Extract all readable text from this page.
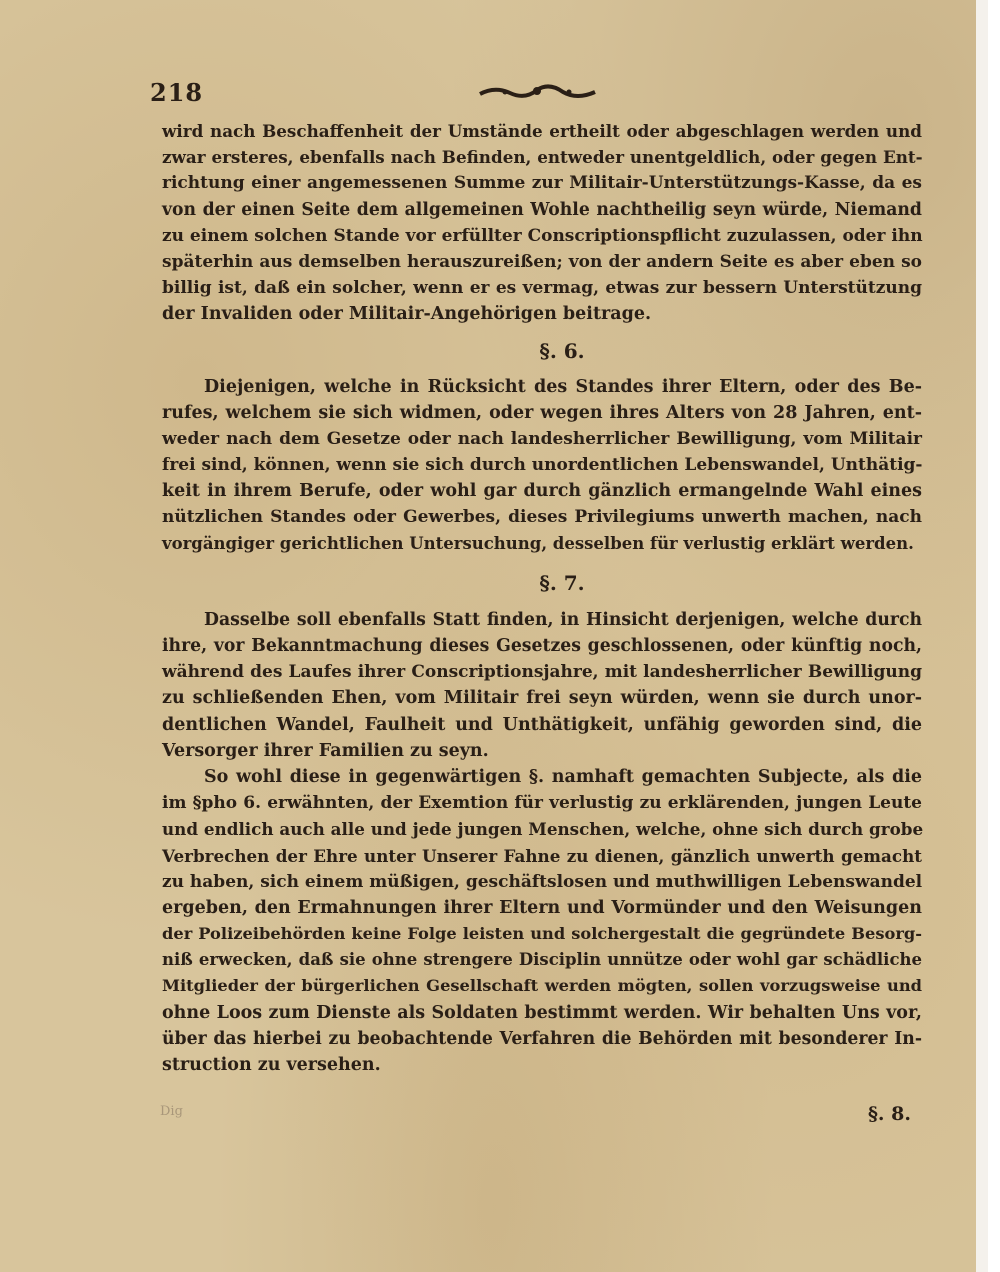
218
wird nach Beschaffenheit der Umstände ertheilt oder abgeschlagen werden und
zwar ersteres, ebenfalls nach Befinden, entweder unentgeldlich, oder gegen Ent-
richtung einer angemessenen Summe zur Militair-Unterstützungs-Kasse, da es
von der einen Seite dem allgemeinen Wohle nachtheilig seyn würde, Niemand
zu einem solchen Stande vor erfüllter Conscriptionspflicht zuzulassen, oder ihn
späterhin aus demselben herauszureißen; von der andern Seite es aber eben so
billig ist, daß ein solcher, wenn er es vermag, etwas zur bessern Unterstützung
der Invaliden oder Militair-Angehörigen beitrage.
§. 6.
Diejenigen, welche in Rücksicht des Standes ihrer Eltern, oder des Be-
rufes, welchem sie sich widmen, oder wegen ihres Alters von 28 Jahren, ent-
weder nach dem Gesetze oder nach landesherrlicher Bewilligung, vom Militair
frei sind, können, wenn sie sich durch unordentlichen Lebenswandel, Unthätig-
keit in ihrem Berufe, oder wohl gar durch gänzlich ermangelnde Wahl eines
nützlichen Standes oder Gewerbes, dieses Privilegiums unwerth machen, nach
vorgängiger gerichtlichen Untersuchung, desselben für verlustig erklärt werden.
§. 7.
Dasselbe soll ebenfalls Statt finden, in Hinsicht derjenigen, welche durch
ihre, vor Bekanntmachung dieses Gesetzes geschlossenen, oder künftig noch,
während des Laufes ihrer Conscriptionsjahre, mit landesherrlicher Bewilligung
zu schließenden Ehen, vom Militair frei seyn würden, wenn sie durch unor-
dentlichen Wandel, Faulheit und Unthätigkeit, unfähig geworden sind, die
Versorger ihrer Familien zu seyn.
So wohl diese in gegenwärtigen §. namhaft gemachten Subjecte, als die
im §pho 6. erwähnten, der Exemtion für verlustig zu erklärenden, jungen Leute
und endlich auch alle und jede jungen Menschen, welche, ohne sich durch grobe
Verbrechen der Ehre unter Unserer Fahne zu dienen, gänzlich unwerth gemacht
zu haben, sich einem müßigen, geschäftslosen und muthwilligen Lebenswandel
ergeben, den Ermahnungen ihrer Eltern und Vormünder und den Weisungen
der Polizeibehörden keine Folge leisten und solchergestalt die gegründete Besorg-
niß erwecken, daß sie ohne strengere Disciplin unnütze oder wohl gar schädliche
Mitglieder der bürgerlichen Gesellschaft werden mögten, sollen vorzugsweise und
ohne Loos zum Dienste als Soldaten bestimmt werden. Wir behalten Uns vor,
über das hierbei zu beobachtende Verfahren die Behörden mit besonderer In-
struction zu versehen.
Dig	§. 8.
